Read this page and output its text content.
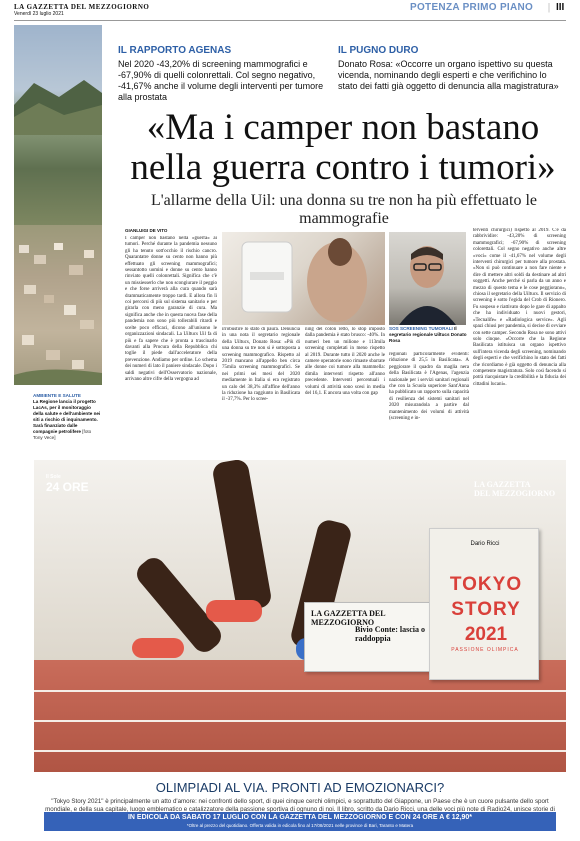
LA GAZZETTA DEL MEZZOGIORNO
Venerdì 23 luglio 2021
POTENZA PRIMO PIANO | III
AMBIENTE E SALUTE
La Regione lancia il progetto LacAs, per il monitoraggio della salute e dell'ambiente nei siti a rischio di inquinamento. Sarà finanziato dalle compagnie petrolifere [foto Tony Vece]
IL RAPPORTO AGENAS
Nel 2020 -43,20% di screening mammografici e -67,90% di quelli colonrettali. Col segno negativo, -41,67% anche il volume degli interventi per tumore alla prostata
IL PUGNO DURO
Donato Rosa: «Occorre un organo ispettivo su questa vicenda, nominando degli esperti e che verifichino lo stato dei fatti già oggetto di denuncia alla magistratura»
«Ma i camper non bastano
nella guerra contro i tumori»
L'allarme della Uil: una donna su tre non ha più effettuato le mammografie
GIANLUIGI DE VITO
I camper non bastano nella «guerra» ai tumori. Perché durante la pandemia nessuno gli ha tenuto sott'occhio il rischio cancro. Quarantatre donne su cento non hanno più effettuato gli screening mammografici; sessantotto uomini e donne su cento hanno rinviato quelli colonrettali. Significa che c'è un missiesserlo che non scongiurare il peggio e che forse arriverà alla cura quando sarà drammaticamente troppo tardi. E allora fin lì coi percorsi di più sul sistema sanitario e per girarla con meno garanzie di cura. Ma significa anche che in questa nuova fase della pandemia non sono più tollerabili ritardi e scelte poco efficaci, dicono all'unisono le organizzazioni sindacali. La Uiltucs Uil fa di più e fa sapere che è pronta a trascinarlo davanti alla Procura della Repubblica chi toglie il piede dall'acceleratore della prevenzione. Andiamo per ordine. Lo schema dei numeri di lato il paniere sindacale. Dopo i saldi negativi dell'Osservatorio nazionale, arrivano altre cifre della vergogna ad
SOS SCREENING TUMORALI Il segretario regionale Uiltucs Donato Rosa
irrobustire lo stato di paura. Denuncia in una nota il segretario regionale della Uiltucs, Donato Rosa: «Più di una donna su tre non si è sottoposta a screening mammografico. Rispetto al 2019 mancano all'appello ben circa 75mila screening mammografici. Se nei primi sei mesi del 2020 mediamente in Italia si era registrato un calo del 38,3% all'affine dell'anno la riduzione ha raggiunto in Basilicata il -37,7%. Per lo scree-
ning del colon retto, lo stop imposto dalla pandemia è stato brusco: -40%. In numeri ben un milione e 113mila screening completati in meno rispetto al 2019. Durante tutto il 2020 anche le camere operatorie sono rimaste sbarrate alle donne coi tumore alla mammella: dimila interventi rispetto all'anno precedente. Interventi percentuali i volumi di attività sono scesi in media del 16,1. E ancora una volta con gap
regionali particolarmente evidenti: riduzione di 25,5 in Basilicata». A peggiorare il quadro da maglia nera della Basilicata è l'Agenas, l'agenzia nazionale per i servizi sanitari regionali che con la Scuola superiore Sant'Anna ha pubblicato un rapporto sulla capacità di resilienza del sistemi sanitari nel 2020 misurandola a partire dal mantenimento dei volumi di attività (screening e in-
terventi chirurgici) rispetto al 2019. C'è da rabbrividire: -43,20% di screening mammografici; -67,90% di screening colorettali. Col segno negativo anche altre «voci» come il -41,67% nel volume degli interventi chirurgici per tumore alla prostata. «Non si può continuare a non fare niente e dire di mettere altri soldi da destinare ad altri soggetti. Anche perché si parla da un anno e mezzo di questo tema e le cose peggiorano», chiosa il segretario della Uiltucs. Il servizio di screening è sotto l'egida del Crob di Rionero. Fu sospeso e riattivato dopo le gare di appalto che ha individuato i nuovi gestori, «Tecnalife» e «Radiologica service». Agli spazi chiusi per pandemia, si decise di ovviare con sette camper. Secondo Rosa ne sono attivi solo cinque. «Occorre che la Regione Basilicata istituisca un organo ispettivo sull'intera vicenda degli screening, nominando degli esperti e che verifichino lo stato dei fatti che ricordiamo è già oggetto di denuncia alla competente magistratura. Solo così facendo si potrà riacquistare la credibilità e la fiducia dei cittadini lucani».
Il Sole
24 ORE	LA GAZZETTA
DEL MEZZOGIORNO
LA GAZZETTA DEL MEZZOGIORNO
Bivio Conte: lascia o raddoppia
Dario Ricci
TOKYO
STORY
2021
PASSIONE OLIMPICA
OLIMPIADI AL VIA. PRONTI AD EMOZIONARCI?
"Tokyo Story 2021" è principalmente un atto d'amore: nei confronti dello sport, di quei cinque cerchi olimpici, e soprattutto del Giappone, un Paese che è un cuore pulsante dello sport mondiale, e della sua capitale, luogo emblematico e catalizzatore della passione sportiva di ognuno di noi. Il libro, scritto da Dario Ricci, una delle voci più note di Radio24, unisce storie di
IN EDICOLA DA SABATO 17 LUGLIO CON LA GAZZETTA DEL MEZZOGIORNO E CON 24 ORE A € 12,90*
*Oltre al prezzo del quotidiano. Offerta valida in edicola fino al 17/08/2021 nelle province di Bari, Taranto e Matera
